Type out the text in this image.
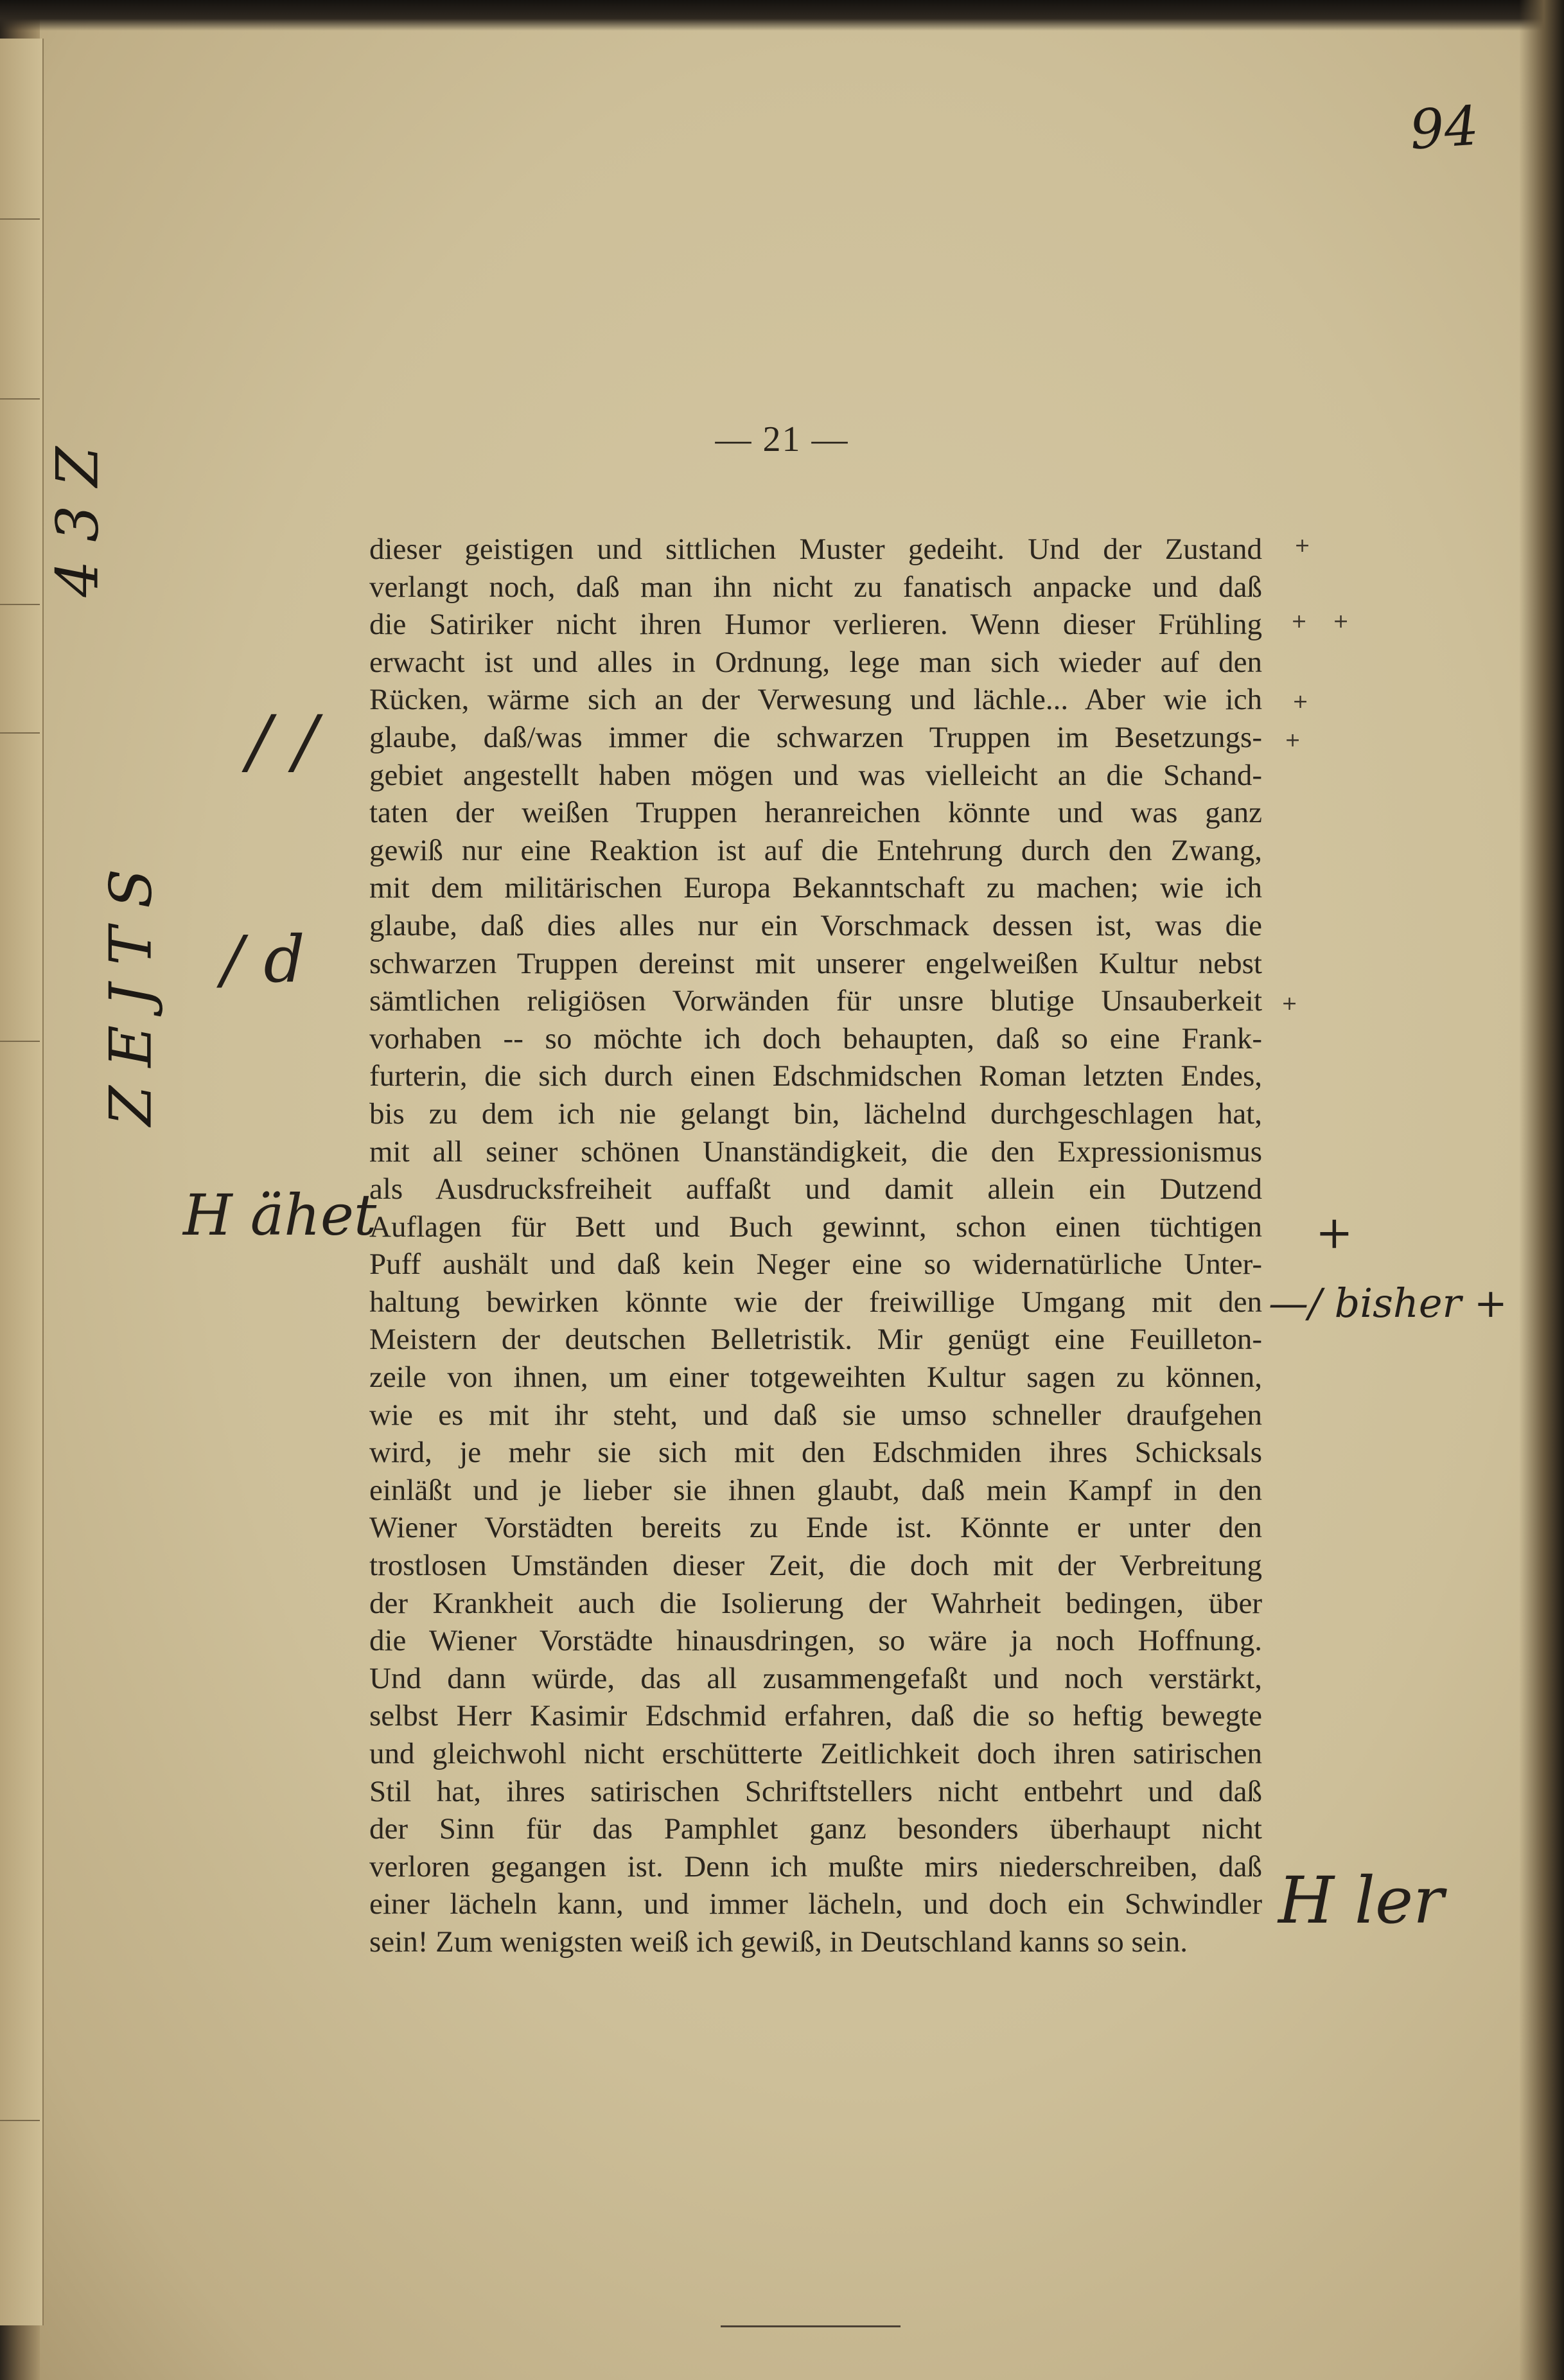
94
— 21 —
dieser geistigen und sittlichen Muster gedeiht. Und der Zustand
verlangt noch, daß man ihn nicht zu fanatisch anpacke und daß
die Satiriker nicht ihren Humor verlieren. Wenn dieser Frühling
erwacht ist und alles in Ordnung, lege man sich wieder auf den
Rücken, wärme sich an der Verwesung und lächle... Aber wie ich
glaube, daß/was immer die schwarzen Truppen im Besetzungs-
gebiet angestellt haben mögen und was vielleicht an die Schand-
taten der weißen Truppen heranreichen könnte und was ganz
gewiß nur eine Reaktion ist auf die Entehrung durch den Zwang,
mit dem militärischen Europa Bekanntschaft zu machen; wie ich
glaube, daß dies alles nur ein Vorschmack dessen ist, was die
schwarzen Truppen dereinst mit unserer engelweißen Kultur nebst
sämtlichen religiösen Vorwänden für unsre blutige Unsauberkeit
vorhaben -- so möchte ich doch behaupten, daß so eine Frank-
furterin, die sich durch einen Edschmidschen Roman letzten Endes,
bis zu dem ich nie gelangt bin, lächelnd durchgeschlagen hat,
mit all seiner schönen Unanständigkeit, die den Expressionismus
als Ausdrucksfreiheit auffaßt und damit allein ein Dutzend
Auflagen für Bett und Buch gewinnt, schon einen tüchtigen
Puff aushält und daß kein Neger eine so widernatürliche Unter-
haltung bewirken könnte wie der freiwillige Umgang mit den
Meistern der deutschen Belletristik. Mir genügt eine Feuilleton-
zeile von ihnen, um einer totgeweihten Kultur sagen zu können,
wie es mit ihr steht, und daß sie umso schneller draufgehen
wird, je mehr sie sich mit den Edschmiden ihres Schicksals
einläßt und je lieber sie ihnen glaubt, daß mein Kampf in den
Wiener Vorstädten bereits zu Ende ist. Könnte er unter den
trostlosen Umständen dieser Zeit, die doch mit der Verbreitung
der Krankheit auch die Isolierung der Wahrheit bedingen, über
die Wiener Vorstädte hinausdringen, so wäre ja noch Hoffnung.
Und dann würde, das all zusammengefaßt und noch verstärkt,
selbst Herr Kasimir Edschmid erfahren, daß die so heftig bewegte
und gleichwohl nicht erschütterte Zeitlichkeit doch ihren satirischen
Stil hat, ihres satirischen Schriftstellers nicht entbehrt und daß
der Sinn für das Pamphlet ganz besonders überhaupt nicht
verloren gegangen ist. Denn ich mußte mirs niederschreiben, daß
einer lächeln kann, und immer lächeln, und doch ein Schwindler
sein! Zum wenigsten weiß ich gewiß, in Deutschland kanns so sein.
/ /
/ d
H ähet	+
—/ bisher +
H ler
+
+ +
+
+
+
4 3 Z
Z E J T S
